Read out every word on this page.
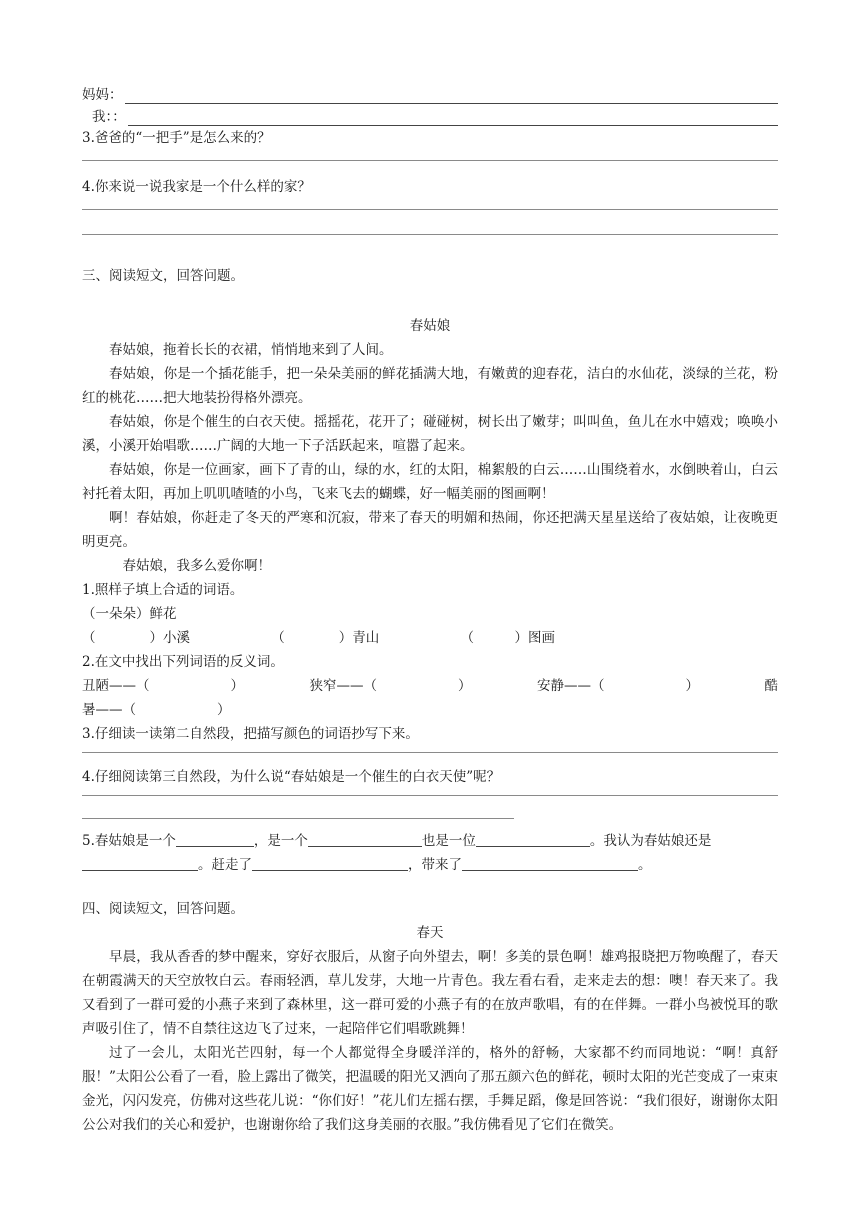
妈妈：
我：：
3.爸爸的“一把手”是怎么来的？
4.你来说一说我家是一个什么样的家？
三、阅读短文，回答问题。
春姑娘

春姑娘，拖着长长的衣裙，悄悄地来到了人间。

春姑娘，你是一个插花能手，把一朵朵美丽的鲜花插满大地，有嫩黄的迎春花，洁白的水仙花，淡绿的兰花，粉红的桃花……把大地装扮得格外漂亮。

春姑娘，你是个催生的白衣天使。摇摇花，花开了；碰碰树，树长出了嫩芽；叫叫鱼，鱼儿在水中嬉戏；唤唤小溪，小溪开始唱歌……广阔的大地一下子活跃起来，喧嚣了起来。

春姑娘，你是一位画家，画下了青的山，绿的水，红的太阳，棉絮般的白云……山围绕着水，水倒映着山，白云衬托着太阳，再加上叽叽喳喳的小鸟，飞来飞去的蝴蝶，好一幅美丽的图画啊！

啊！春姑娘，你赶走了冬天的严寒和沉寂，带来了春天的明媚和热闹，你还把满天星星送给了夜姑娘，让夜晚更明更亮。

春姑娘，我多么爱你啊！

1.照样子填上合适的词语。
（一朵朵）鲜花
（　　　　）小溪	（　　　　）青山	（　　　）图画
2.在文中找出下列词语的反义词。
丑陋——（　　　　　　）	狭窄——（　　　　　　）	安静——（　　　　　　）	酷
暑——（　　　　　　）
3.仔细读一读第二自然段，把描写颜色的词语抄写下来。
4.仔细阅读第三自然段，为什么说“春姑娘是一个催生的白衣天使”呢？
5.春姑娘是一个	，是一个	也是一位	。我认为春姑娘还是
。赶走了	，带来了	。
四、阅读短文，回答问题。
春天

早晨，我从香香的梦中醒来，穿好衣服后，从窗子向外望去，啊！多美的景色啊！雄鸡报晓把万物唤醒了，春天在朝霞满天的天空放牧白云。春雨轻洒，草儿发芽，大地一片青色。我左看右看，走来走去的想：噢！春天来了。我又看到了一群可爱的小燕子来到了森林里，这一群可爱的小燕子有的在放声歌唱，有的在伴舞。一群小鸟被悦耳的歌声吸引住了，情不自禁往这边飞了过来，一起陪伴它们唱歌跳舞！

过了一会儿，太阳光芒四射，每一个人都觉得全身暖洋洋的，格外的舒畅，大家都不约而同地说：“啊！真舒服！”太阳公公看了一看，脸上露出了微笑，把温暖的阳光又洒向了那五颜六色的鲜花，顿时太阳的光芒变成了一束束金光，闪闪发亮，仿佛对这些花儿说：“你们好！”花儿们左摇右摆，手舞足蹈，像是回答说：“我们很好，谢谢你太阳公公对我们的关心和爱护，也谢谢你给了我们这身美丽的衣服。”我仿佛看见了它们在微笑。
